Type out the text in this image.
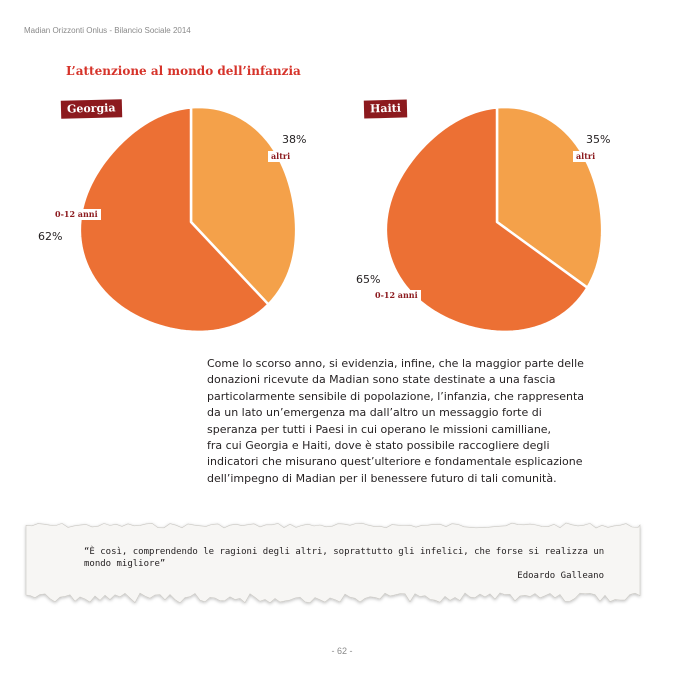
Madian Orizzonti Onlus - Bilancio Sociale 2014
L’attenzione al mondo dell’infanzia
Georgia
38%
altri
0-12 anni
62%
Haiti
35%
altri
65%
0-12 anni
Come lo scorso anno, si evidenzia, infine, che la maggior parte delle
donazioni ricevute da Madian sono state destinate a una fascia
particolarmente sensibile di popolazione, l’infanzia, che rappresenta
da un lato un’emergenza ma dall’altro un messaggio forte di
speranza per tutti i Paesi in cui operano le missioni camilliane,
fra cui Georgia e Haiti, dove è stato possibile raccogliere degli
indicatori che misurano quest’ulteriore e fondamentale esplicazione
dell’impegno di Madian per il benessere futuro di tali comunità.
“È così, comprendendo le ragioni degli altri, soprattutto gli infelici, che forse si realizza un mondo migliore”
Edoardo Galleano
- 62 -
